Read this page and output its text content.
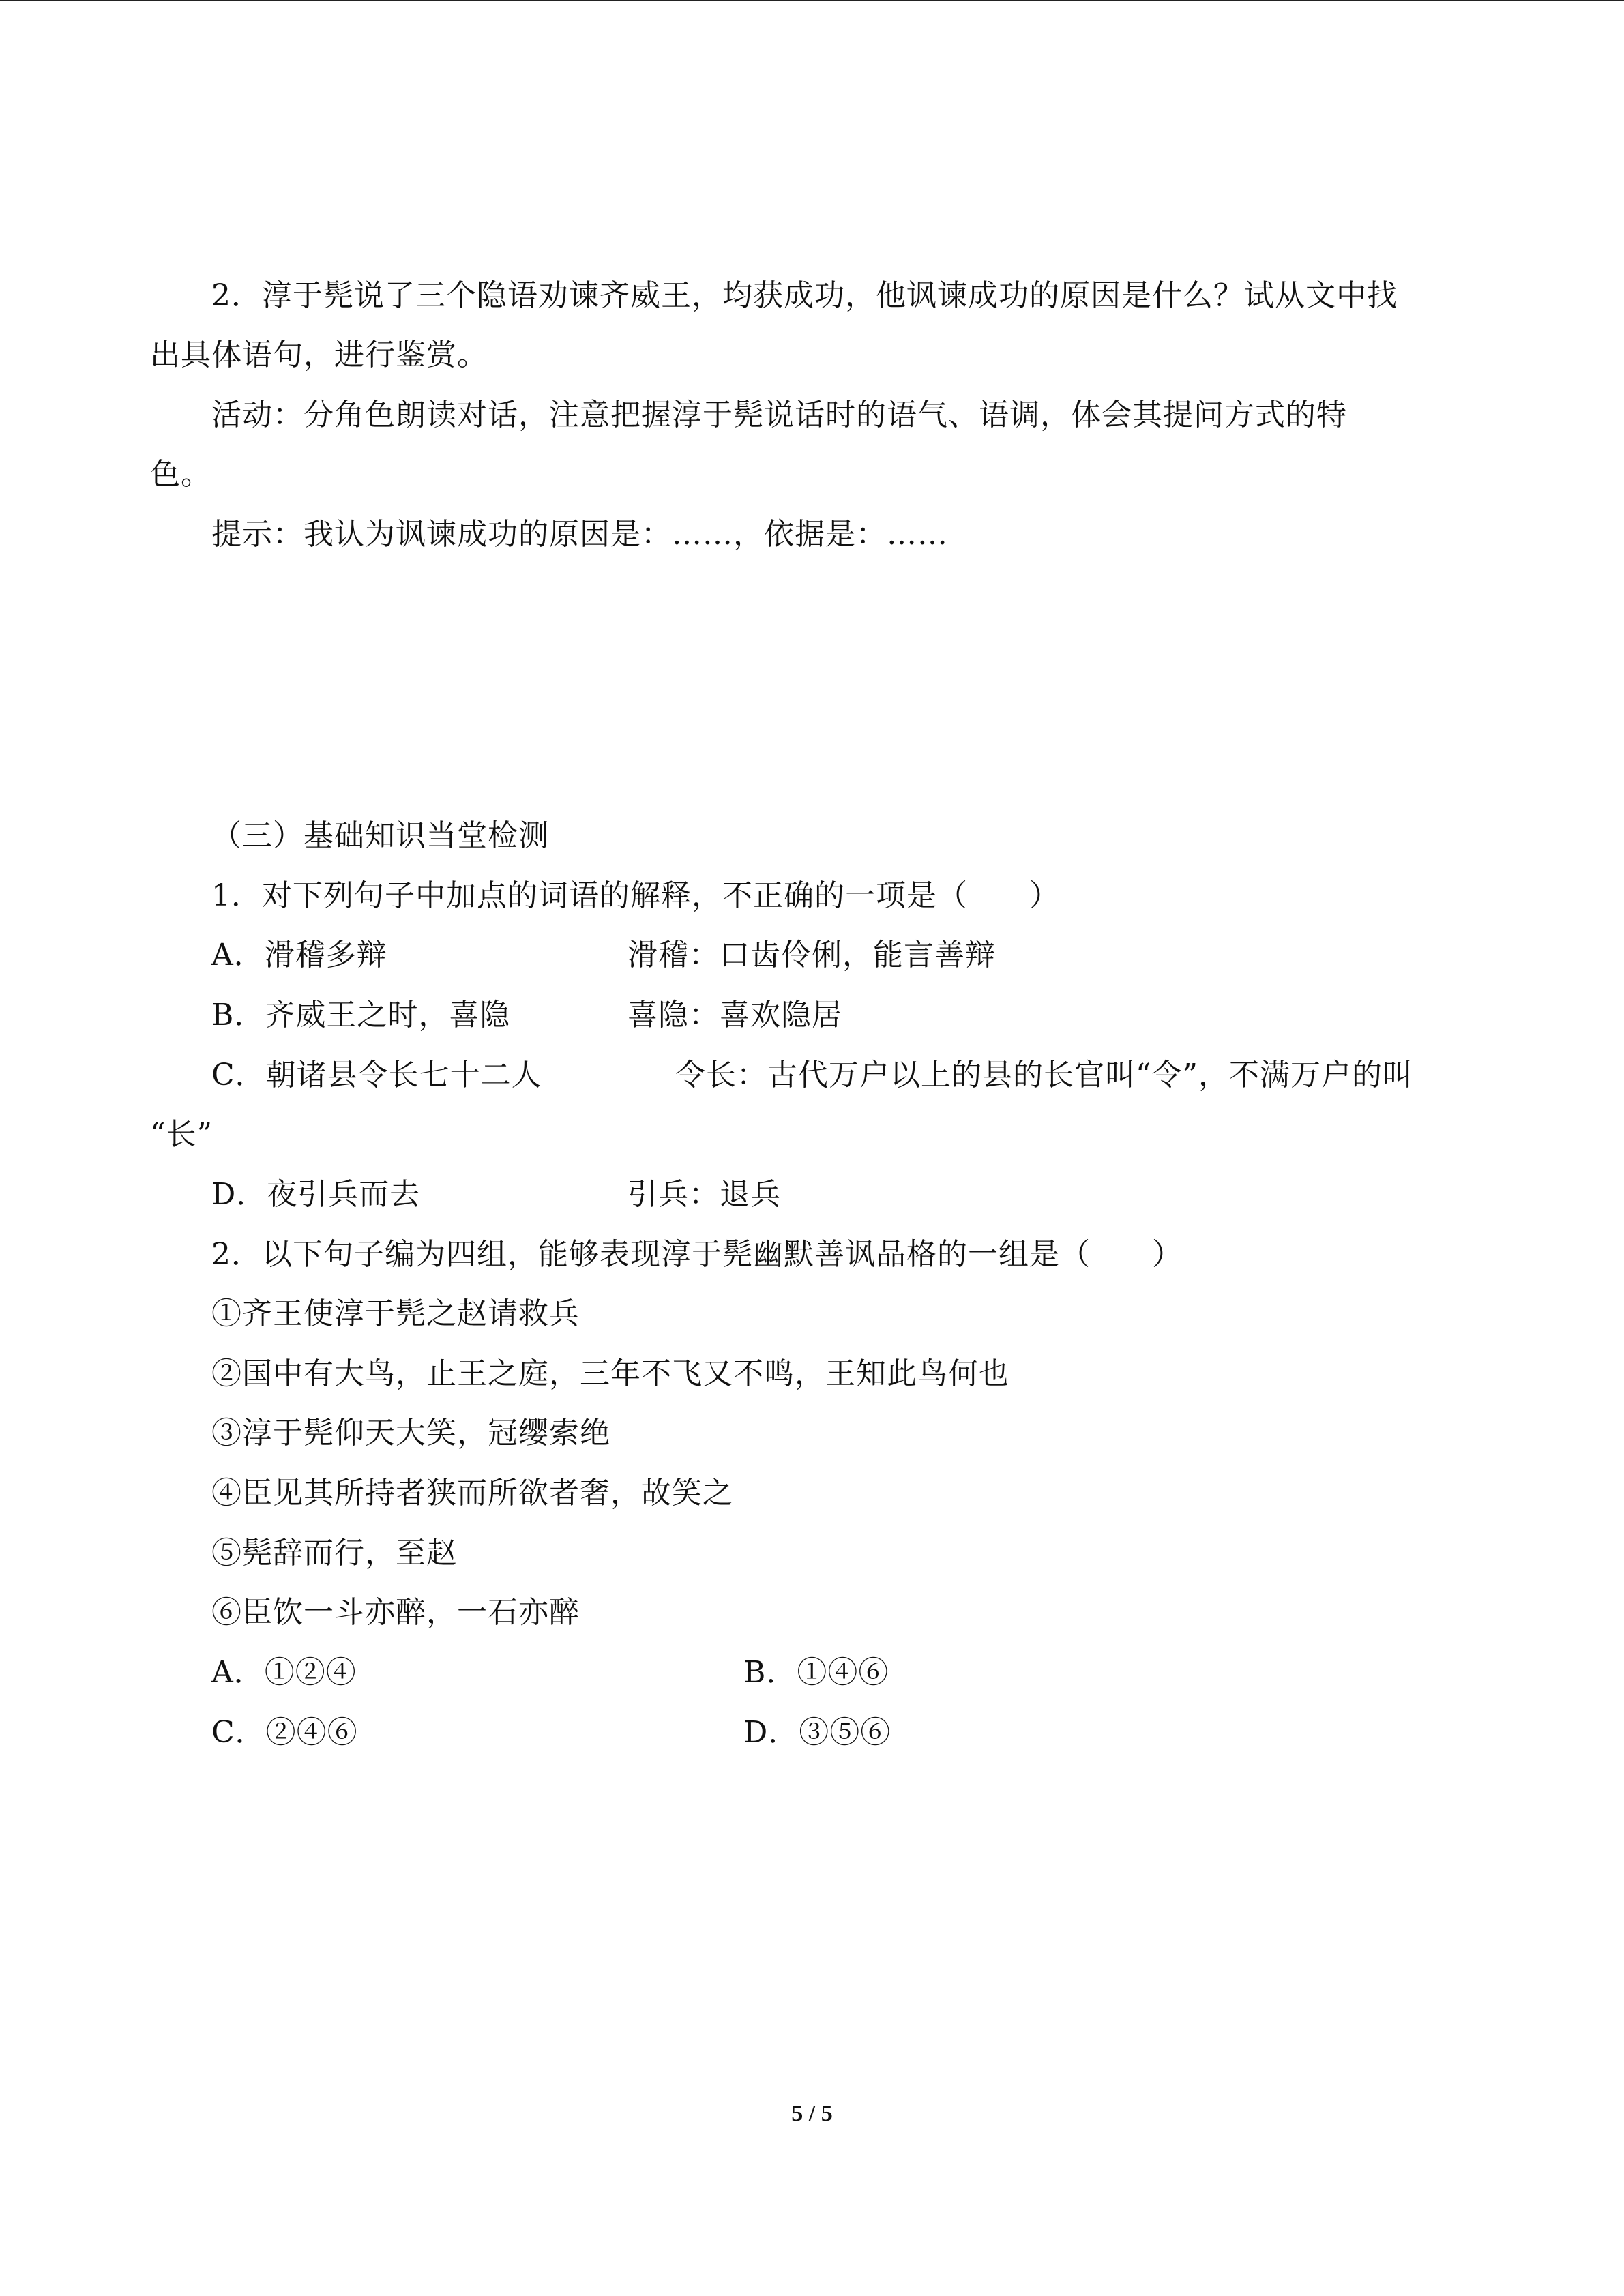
2．淳于髡说了三个隐语劝谏齐威王，均获成功，他讽谏成功的原因是什么？试从文中找
出具体语句，进行鉴赏。
活动：分角色朗读对话，注意把握淳于髡说话时的语气、语调，体会其提问方式的特
色。
提示：我认为讽谏成功的原因是：……，依据是：……
（三）基础知识当堂检测
1．对下列句子中加点的词语的解释，不正确的一项是（　　）
A．滑稽多辩	滑稽：口齿伶俐，能言善辩
B．齐威王之时，喜隐	喜隐：喜欢隐居
C．朝诸县令长七十二人	令长：古代万户以上的县的长官叫“令”，不满万户的叫
“长”
D．夜引兵而去	引兵：退兵
2．以下句子编为四组，能够表现淳于髡幽默善讽品格的一组是（　　）
①齐王使淳于髡之赵请救兵
②国中有大鸟，止王之庭，三年不飞又不鸣，王知此鸟何也
③淳于髡仰天大笑，冠缨索绝
④臣见其所持者狭而所欲者奢，故笑之
⑤髡辞而行，至赵
⑥臣饮一斗亦醉，一石亦醉
A．①②④	B．①④⑥
C．②④⑥	D．③⑤⑥
5 / 5
